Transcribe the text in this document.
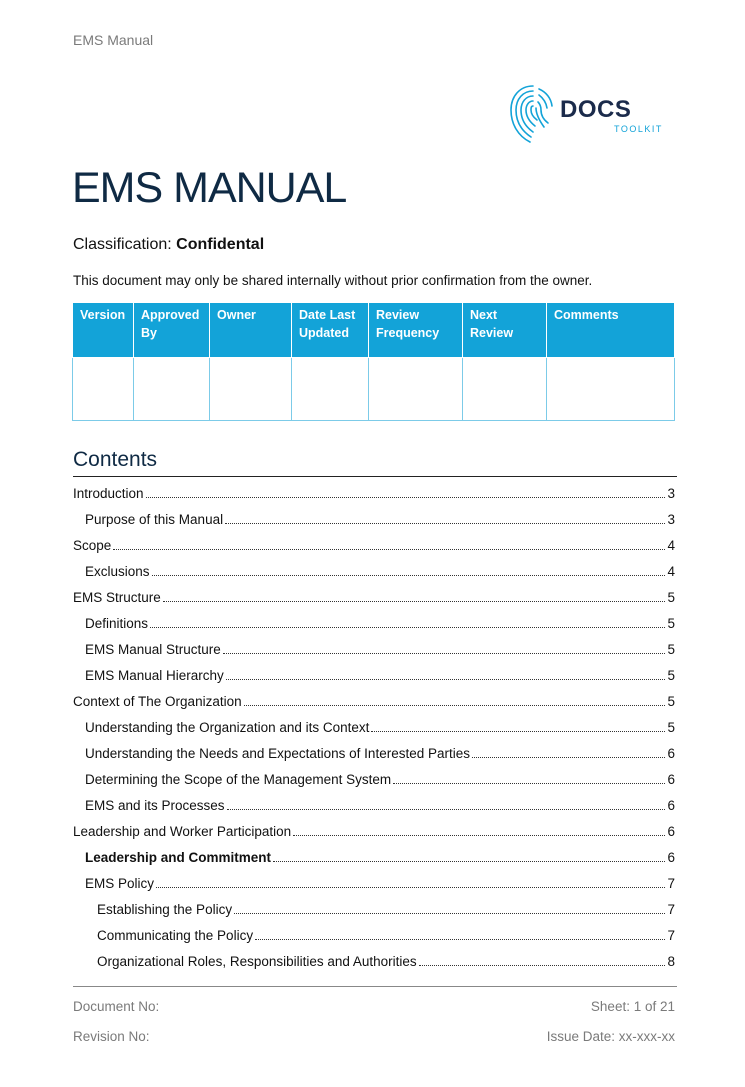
EMS Manual
DOCS
TOOLKIT
EMS MANUAL
Classification: Confidental
This document may only be shared internally without prior confirmation from the owner.
Version	Approved By	Owner	Date Last Updated	Review Frequency	Next Review	Comments

Contents
Introduction	3
Purpose of this Manual	3
Scope	4
Exclusions	4
EMS Structure	5
Definitions	5
EMS Manual Structure	5
EMS Manual Hierarchy	5
Context of The Organization	5
Understanding the Organization and its Context	5
Understanding the Needs and Expectations of Interested Parties	6
Determining the Scope of the Management System	6
EMS and its Processes	6
Leadership and Worker Participation	6
Leadership and Commitment	6
EMS Policy	7
Establishing the Policy	7
Communicating the Policy	7
Organizational Roles, Responsibilities and Authorities	8
Document No:	Sheet: 1 of 21
Revision No:	Issue Date: xx-xxx-xx
